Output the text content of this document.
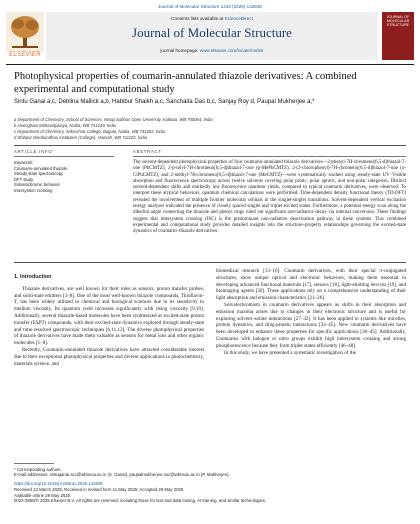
Journal of Molecular Structure 1343 (2025) 142838
ELSEVIER
Contents lists available at ScienceDirect
Journal of Molecular Structure
journal homepage: www.elsevier.com/locate/molstr
JOURNAL OF MOLECULAR STRUCTURE
Photophysical properties of coumarin-annulated thiazole derivatives: A combined experimental and computational study
Sintu Ganai a,c, Deblina Mallick a,b, Habibur Shaikh a,c, Sanchaita Das b,c, Sanjay Roy d, Paupal Mukherjee a,*
a Department of Chemistry, School of Sciences, Netaji Subhas Open University, Kolkata, WB 700064, India
b Haringhata Mahavidyalaya, Nadia, WB 741249, India
c Department of Chemistry, Sriknishna College, Bagula, Nadia, WB 741502, India
d Shibpur Dinobundhoo Institution (College), Howrah, WB 711102, India
ARTICLE INFO	ABSTRACT
Keywords:
Coumarin-annulated thiazole
Steady state spectroscopy
DFT study
Solvatochromic behavior
Intersystem crossing
The solvent-dependent photophysical properties of four coumarin-annulated thiazole derivatives—2-phenyl-7H-chromeno[6,5-d]thiazol-7-one (PhCMTZ), 2-p-tolyl-7H-chromeno[6,5-d]thiazol-7-one (p-MePhCMTZ), 2-(2-chlorophenyl)-7H-chromeno[6,5-d]thiazol-7-one (o-ClPhCMTZ), and 2-methyl-7H-chromeno[6,5-d]thiazol-7-one (MeCMTZ)—were systematically studied using steady-state UV–Visible absorption and fluorescence spectroscopy across twelve solvents covering polar protic, polar aprotic, and non-polar categories. Distinct solvent-dependent shifts and markedly low fluorescence quantum yields, compared to typical coumarin derivatives, were observed. To interpret these atypical behaviors, quantum chemical calculations were performed. Time-dependent density functional theory (TD-DFT) revealed the involvement of multiple frontier molecular orbitals in the singlet-singlet transitions. Solvent-dependent vertical excitation energy analyses indicated the presence of closely spaced singlet and triplet excited states. Furthermore, a potential energy scan along the dihedral angle connecting the thiazole and phenyl rings ruled out significant non-radiative decay via internal conversion. These findings suggest that intersystem crossing (ISC) is the predominant non-radiative deactivation pathway in these systems. This combined experimental and computational study provides detailed insights into the structure–property relationships governing the excited-state dynamics of coumarin–thiazole derivatives.
1. Introduction

Thiazole derivatives, are well known for their roles as sensors, proton transfer probes, and solid-state emitters [1–8]. One of the most well-known thiazole compounds, Thioflavin-T, has been widely utilized in chemical and biological sciences due to its sensitivity to medium viscosity. Its quantum yield increases significantly with rising viscosity [9,10]. Additionally, several thiazole-based molecules have been synthesized as excited-state proton transfer (ESPT) compounds, with their excited-state dynamics explored through steady-state and time-resolved spectroscopic techniques [6,11,12]. The diverse photophysical properties of thiazole derivatives have made them valuable as sensors for metal ions and other organic molecules [1–8].

Recently, Coumarin-annulated thiazole derivatives have attracted considerable interest due to their exceptional photophysical properties and diverse applications in photochemistry, materials science, and

biomedical research [13–16]. Coumarin derivatives, with their special π-conjugated structures, show unique optical and electronic behaviors, making them essential in developing advanced functional materials [17], sensors [18], light-emitting devices [19], and bioimaging agents [20]. These applications rely on a comprehensive understanding of their light absorption and emission characteristics [21–26].

Solvatochromism in coumarin derivatives appears as shifts in their absorption and emission maxima arises due to changes in their electronic structure and is useful for exploring solvent–solute interactions [27–32]. It has been applied to systems like micelles, protein dynamics, and drug-protein interactions [33–45]. New coumarin derivatives have been developed to enhance these properties for specific applications [36–45]. Additionally, Coumarins with halogen or nitro groups exhibit high intersystem crossing and strong phosphorescence because they form triplet states efficiently [46–48].

In this study, we have presented a systematic investigation of the

* Corresponding authors.
E-mail addresses: sintuganai.scc@wbnsou.ac.in (S. Ganai), paupalmukherjee.soc@wbnsou.ac.in (P. Mukherjee).
https://doi.org/10.1016/j.molstruc.2025.142838
Received 13 March 2025; Received in revised form 11 May 2025; Accepted 29 May 2025
Available online 29 May 2025
0022-2860/© 2025 Elsevier B.V. All rights are reserved, including those for text and data mining, AI training, and similar technologies.
